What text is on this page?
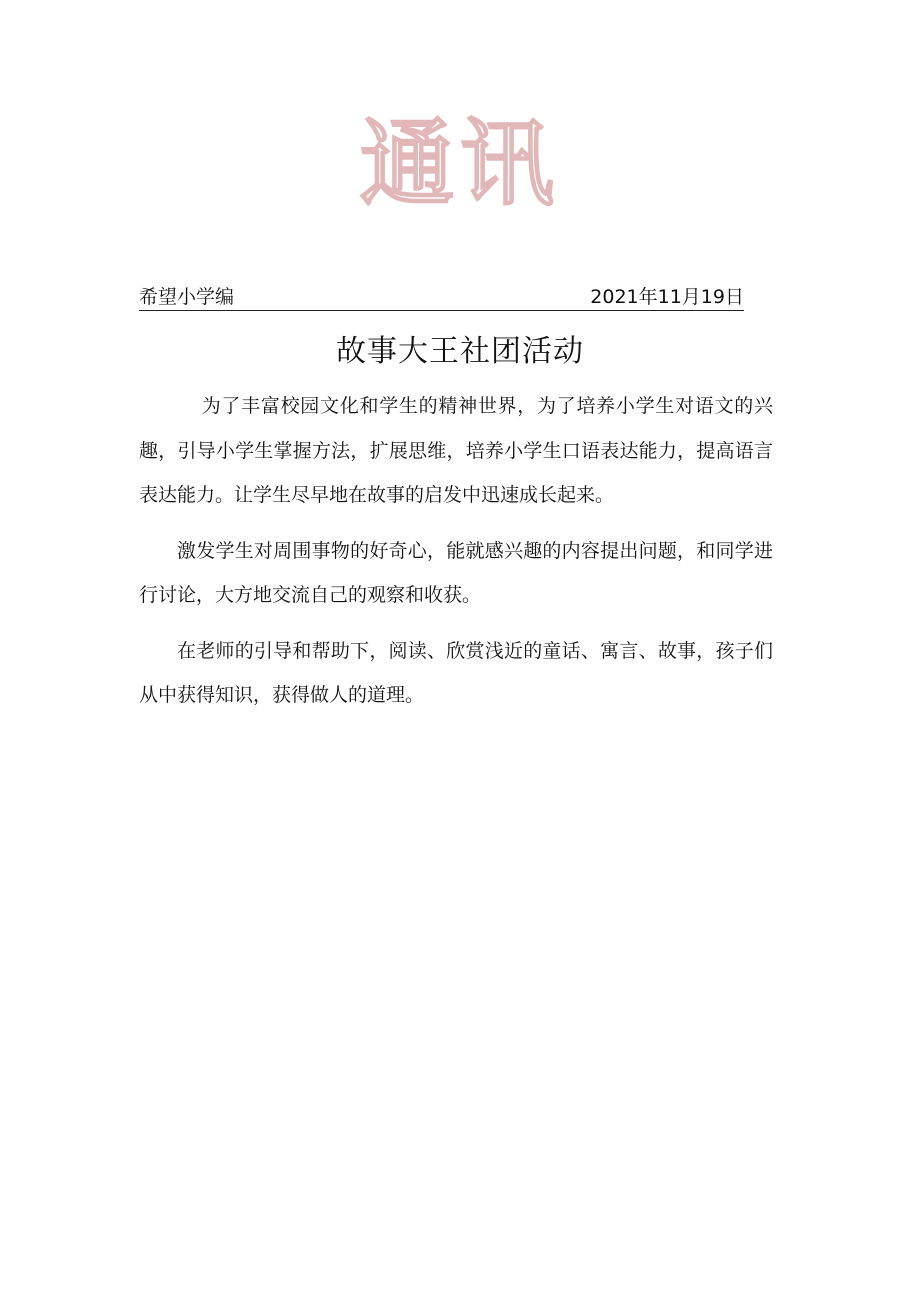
通讯
希望小学编	2021年11月19日
故事大王社团活动

为了丰富校园文化和学生的精神世界，为了培养小学生对语文的兴趣，引导小学生掌握方法，扩展思维，培养小学生口语表达能力，提高语言表达能力。让学生尽早地在故事的启发中迅速成长起来。

激发学生对周围事物的好奇心，能就感兴趣的内容提出问题，和同学进行讨论，大方地交流自己的观察和收获。

在老师的引导和帮助下，阅读、欣赏浅近的童话、寓言、故事，孩子们从中获得知识，获得做人的道理。
